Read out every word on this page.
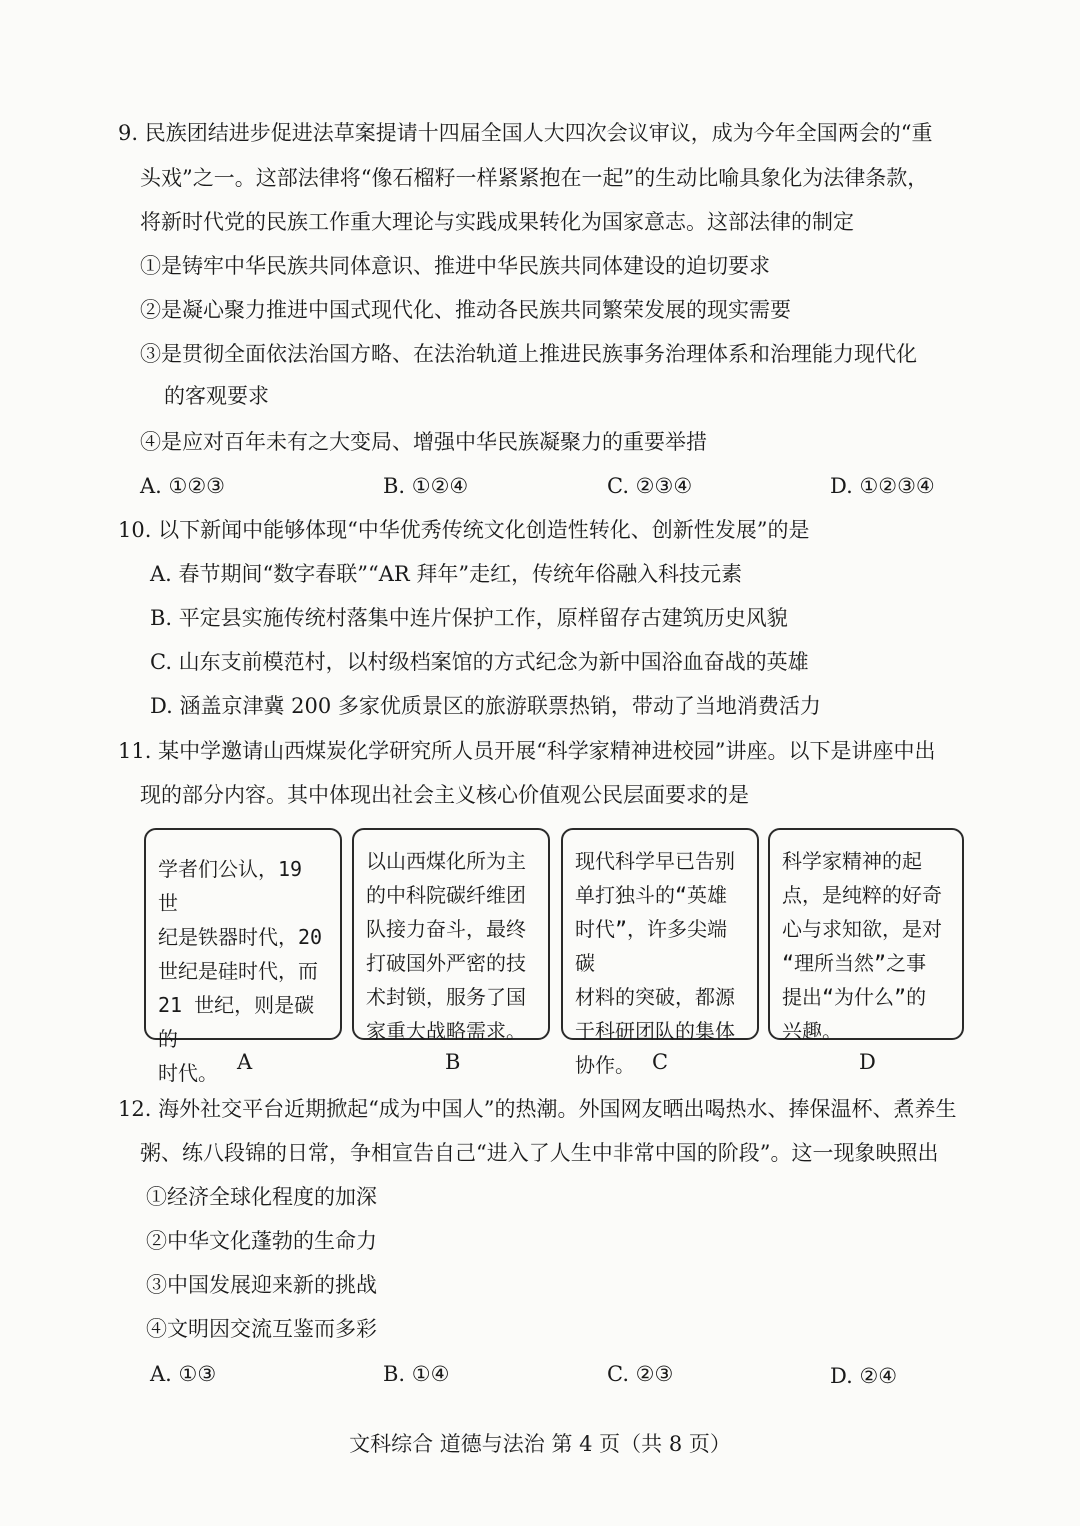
9. 民族团结进步促进法草案提请十四届全国人大四次会议审议，成为今年全国两会的“重
头戏”之一。这部法律将“像石榴籽一样紧紧抱在一起”的生动比喻具象化为法律条款，
将新时代党的民族工作重大理论与实践成果转化为国家意志。这部法律的制定
①是铸牢中华民族共同体意识、推进中华民族共同体建设的迫切要求
②是凝心聚力推进中国式现代化、推动各民族共同繁荣发展的现实需要
③是贯彻全面依法治国方略、在法治轨道上推进民族事务治理体系和治理能力现代化
的客观要求
④是应对百年未有之大变局、增强中华民族凝聚力的重要举措
A. ①②③	B. ①②④	C. ②③④	D. ①②③④
10. 以下新闻中能够体现“中华优秀传统文化创造性转化、创新性发展”的是
A. 春节期间“数字春联”“AR 拜年”走红，传统年俗融入科技元素
B. 平定县实施传统村落集中连片保护工作，原样留存古建筑历史风貌
C. 山东支前模范村，以村级档案馆的方式纪念为新中国浴血奋战的英雄
D. 涵盖京津冀 200 多家优质景区的旅游联票热销，带动了当地消费活力
11. 某中学邀请山西煤炭化学研究所人员开展“科学家精神进校园”讲座。以下是讲座中出
现的部分内容。其中体现出社会主义核心价值观公民层面要求的是
学者们公认，19 世
纪是铁器时代，20
世纪是硅时代，而
21 世纪，则是碳的
时代。
以山西煤化所为主
的中科院碳纤维团
队接力奋斗，最终
打破国外严密的技
术封锁，服务了国
家重大战略需求。
现代科学早已告别
单打独斗的“英雄
时代”，许多尖端碳
材料的突破，都源
于科研团队的集体
协作。
科学家精神的起
点，是纯粹的好奇
心与求知欲，是对
“理所当然”之事
提出“为什么”的
兴趣。
A	B	C	D
12. 海外社交平台近期掀起“成为中国人”的热潮。外国网友晒出喝热水、捧保温杯、煮养生
粥、练八段锦的日常，争相宣告自己“进入了人生中非常中国的阶段”。这一现象映照出
①经济全球化程度的加深
②中华文化蓬勃的生命力
③中国发展迎来新的挑战
④文明因交流互鉴而多彩
A. ①③	B. ①④	C. ②③	D. ②④
文科综合 道德与法治 第 4 页（共 8 页）
